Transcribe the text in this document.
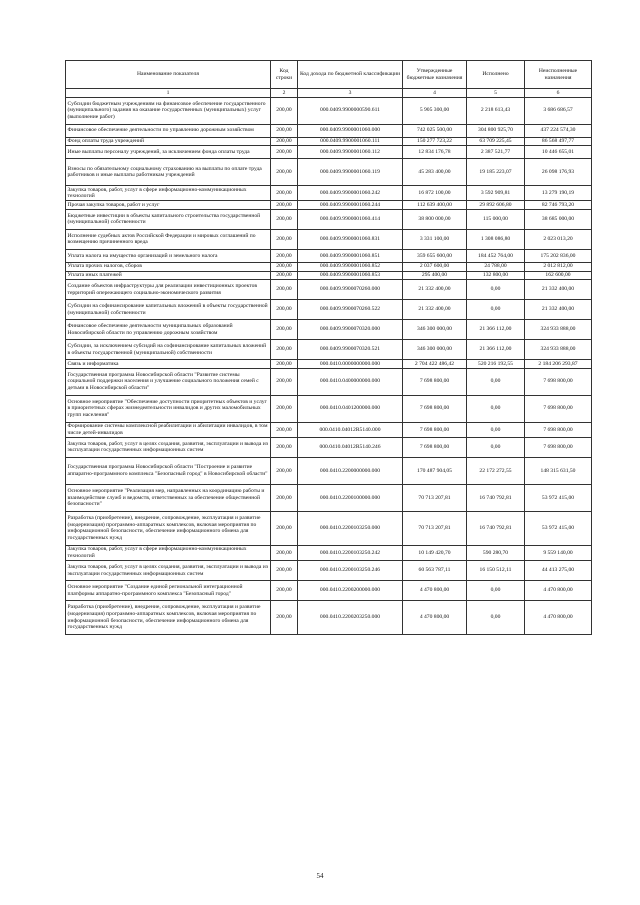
Наименование показателя	Код строки	Код дохода по бюджетной классификации	Утвержденные бюджетные назначения	Исполнено	Неисполненные назначения
1	2	3	4	5	6
Субсидии бюджетным учреждениям на финансовое обеспечение государственного (муниципального) задания на оказание государственных (муниципальных) услуг (выполнение работ)	200,00	000.0409.9900000590.611	5 905 300,00	2 218 613,43	3 686 686,57
Финансовое обеспечение деятельности по управлению дорожным хозяйством	200,00	000.0409.9900001060.000	742 025 500,00	304 800 925,70	437 224 574,30
Фонд оплаты труда учреждений	200,00	000.0409.9900001060.111	150 277 723,22	63 709 225,45	86 568 497,77
Иные выплаты персоналу учреждений, за исключением фонда оплаты труда	200,00	000.0409.9900001060.112	12 834 176,78	2 387 521,77	10 446 655,01
Взносы по обязательному социальному страхованию на выплаты по оплате труда работников и иные выплаты работникам учреждений	200,00	000.0409.9900001060.119	45 283 400,00	19 185 223,07	26 098 176,93
Закупка товаров, работ, услуг в сфере информационно-коммуникационных технологий	200,00	000.0409.9900001060.242	16 872 100,00	3 592 909,81	13 279 190,19
Прочая закупка товаров, работ и услуг	200,00	000.0409.9900001060.244	112 639 400,00	29 892 606,80	82 746 793,20
Бюджетные инвестиции в объекты капитального строительства государственной (муниципальной) собственности	200,00	000.0409.9900001060.414	38 800 000,00	115 000,00	38 685 000,00
Исполнение судебных актов Российской Федерации и мировых соглашений по возмещению причиненного вреда	200,00	000.0409.9900001060.831	3 331 100,00	1 308 086,80	2 023 013,20
Уплата налога на имущество организаций и земельного налога	200,00	000.0409.9900001060.851	359 655 600,00	184 452 764,00	175 202 836,00
Уплата прочих налогов, сборов	200,00	000.0409.9900001060.852	2 037 600,00	24 788,00	2 012 812,00
Уплата иных платежей	200,00	000.0409.9900001060.853	295 400,00	132 800,00	162 600,00
Создание объектов инфраструктуры для реализации инвестиционных проектов территорий опережающего социально-экономического развития	200,00	000.0409.9900070260.000	21 332 400,00	0,00	21 332 400,00
Субсидии на софинансирование капитальных вложений в объекты государственной (муниципальной) собственности	200,00	000.0409.9900070260.522	21 332 400,00	0,00	21 332 400,00
Финансовое обеспечение деятельности муниципальных образований Новосибирской области по управлению дорожным хозяйством	200,00	000.0409.9900070320.000	346 300 000,00	21 366 112,00	324 933 888,00
Субсидии, за исключением субсидий на софинансирование капитальных вложений в объекты государственной (муниципальной) собственности	200,00	000.0409.9900070320.521	346 300 000,00	21 366 112,00	324 933 888,00
Связь и информатика	200,00	000.0410.0000000000.000	2 704 422 486,42	520 216 192,55	2 184 206 293,87
Государственная программа Новосибирской области "Развитие системы социальной поддержки населения и улучшение социального положения семей с детьми в Новосибирской области"	200,00	000.0410.0400000000.000	7 698 800,00	0,00	7 698 800,00
Основное мероприятие "Обеспечение доступности приоритетных объектов и услуг в приоритетных сферах жизнедеятельности инвалидов и других маломобильных групп населения"	200,00	000.0410.0401200000.000	7 698 800,00	0,00	7 698 800,00
Формирование системы комплексной реабилитации и абилитации инвалидов, в том числе детей-инвалидов	200,00	000.0410.04012R5140.000	7 698 800,00	0,00	7 698 800,00
Закупка товаров, работ, услуг в целях создания, развития, эксплуатации и вывода из эксплуатации государственных информационных систем	200,00	000.0410.04012R5140.246	7 698 800,00	0,00	7 698 800,00
Государственная программа Новосибирской области "Построение и развитие аппаратно-программного комплекса "Безопасный город" в Новосибирской области"	200,00	000.0410.2200000000.000	170 487 904,05	22 172 272,55	148 315 631,50
Основное мероприятие "Реализация мер, направленных на координацию работы и взаимодействие служб и ведомств, ответственных за обеспечение общественной безопасности"	200,00	000.0410.2200100000.000	70 713 207,81	16 740 792,81	53 972 415,00
Разработка (приобретение), внедрение, сопровождение, эксплуатация и развитие (модернизация) программно-аппаратных комплексов, включая мероприятия по информационной безопасности, обеспечение информационного обмена для государственных нужд	200,00	000.0410.2200103250.000	70 713 207,81	16 740 792,81	53 972 415,00
Закупка товаров, работ, услуг в сфере информационно-коммуникационных технологий	200,00	000.0410.2200103250.242	10 149 420,70	590 280,70	9 559 140,00
Закупка товаров, работ, услуг в целях создания, развития, эксплуатации и вывода из эксплуатации государственных информационных систем	200,00	000.0410.2200103250.246	60 563 787,11	16 150 512,11	44 413 275,00
Основное мероприятие "Создание единой региональной интеграционной платформы аппаратно-программного комплекса "Безопасный город"	200,00	000.0410.2200200000.000	4 470 800,00	0,00	4 470 800,00
Разработка (приобретение), внедрение, сопровождение, эксплуатация и развитие (модернизация) программно-аппаратных комплексов, включая мероприятия по информационной безопасности, обеспечение информационного обмена для государственных нужд	200,00	000.0410.2200203250.000	4 470 800,00	0,00	4 470 800,00
54
